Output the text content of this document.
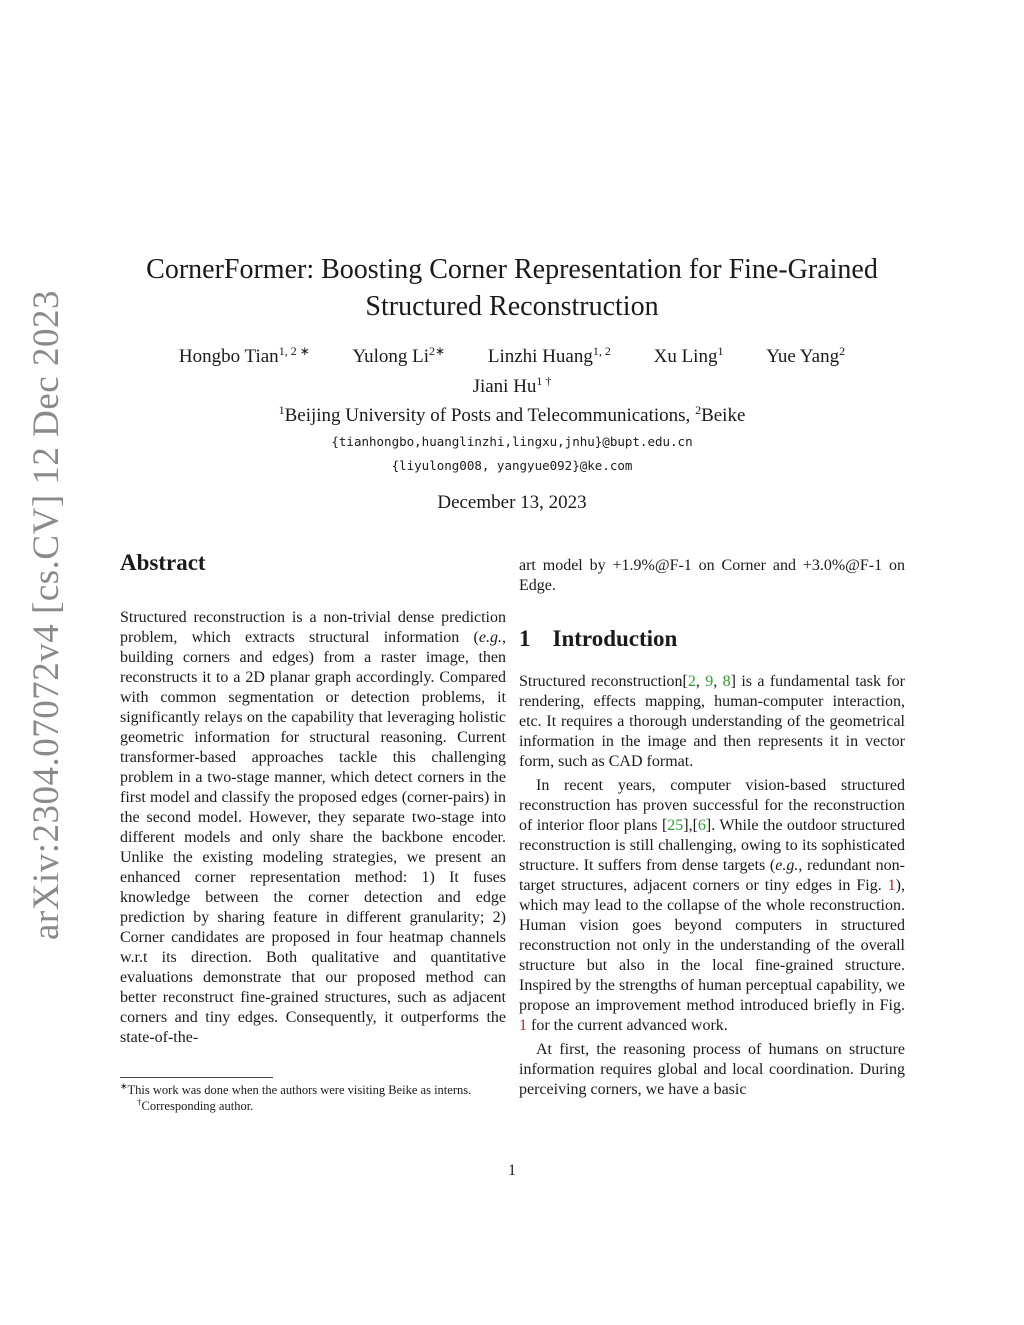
arXiv:2304.07072v4 [cs.CV] 12 Dec 2023
CornerFormer: Boosting Corner Representation for Fine-Grained
Structured Reconstruction
Hongbo Tian$^{1, 2 ∗}$ Yulong $Li^{2∗}$ Linzhi Huang$^{1, 2}$ Xu Ling$^1$ Yue Yang$^2$
Jiani $Hu^{1 \dagger}$
$^1$Beijing University of Posts and Telecommunications, $^2$Beike
{tianhongbo,huanglinzhi,lingxu,jnhu}@bupt.edu.cn
{liyulong008, yangyue092}@ke.com
December 13, 2023
Abstract

Structured reconstruction is a non-trivial dense prediction problem, which extracts structural information (e.g., building corners and edges) from a raster image, then reconstructs it to a 2D planar graph accordingly. Compared with common segmentation or detection problems, it significantly relays on the capability that leveraging holistic geometric information for structural reasoning. Current transformer-based approaches tackle this challenging problem in a two-stage manner, which detect corners in the first model and classify the proposed edges (corner-pairs) in the second model. However, they separate two-stage into different models and only share the backbone encoder. Unlike the existing modeling strategies, we present an enhanced corner representation method: 1) It fuses knowledge between the corner detection and edge prediction by sharing feature in different granularity; 2) Corner candidates are proposed in four heatmap channels w.r.t its direction. Both qualitative and quantitative evaluations demonstrate that our proposed method can better reconstruct fine-grained structures, such as adjacent corners and tiny edges. Consequently, it outperforms the state-of-the-

art model by +1.9%@F-1 on Corner and +3.0%@F-1 on Edge.

1 Introduction

Structured reconstruction[2, 9, 8] is a fundamental task for rendering, effects mapping, human-computer interaction, etc. It requires a thorough understanding of the geometrical information in the image and then represents it in vector form, such as CAD format.

In recent years, computer vision-based structured reconstruction has proven successful for the reconstruction of interior floor plans [25],[6]. While the outdoor structured reconstruction is still challenging, owing to its sophisticated structure. It suffers from dense targets (e.g., redundant non-target structures, adjacent corners or tiny edges in Fig. 1), which may lead to the collapse of the whole reconstruction. Human vision goes beyond computers in structured reconstruction not only in the understanding of the overall structure but also in the local fine-grained structure. Inspired by the strengths of human perceptual capability, we propose an improvement method introduced briefly in Fig. 1 for the current advanced work.

At first, the reasoning process of humans on structure information requires global and local coordination. During perceiving corners, we have a basic

∗This work was done when the authors were visiting Beike as interns.
†Corresponding author.
1
